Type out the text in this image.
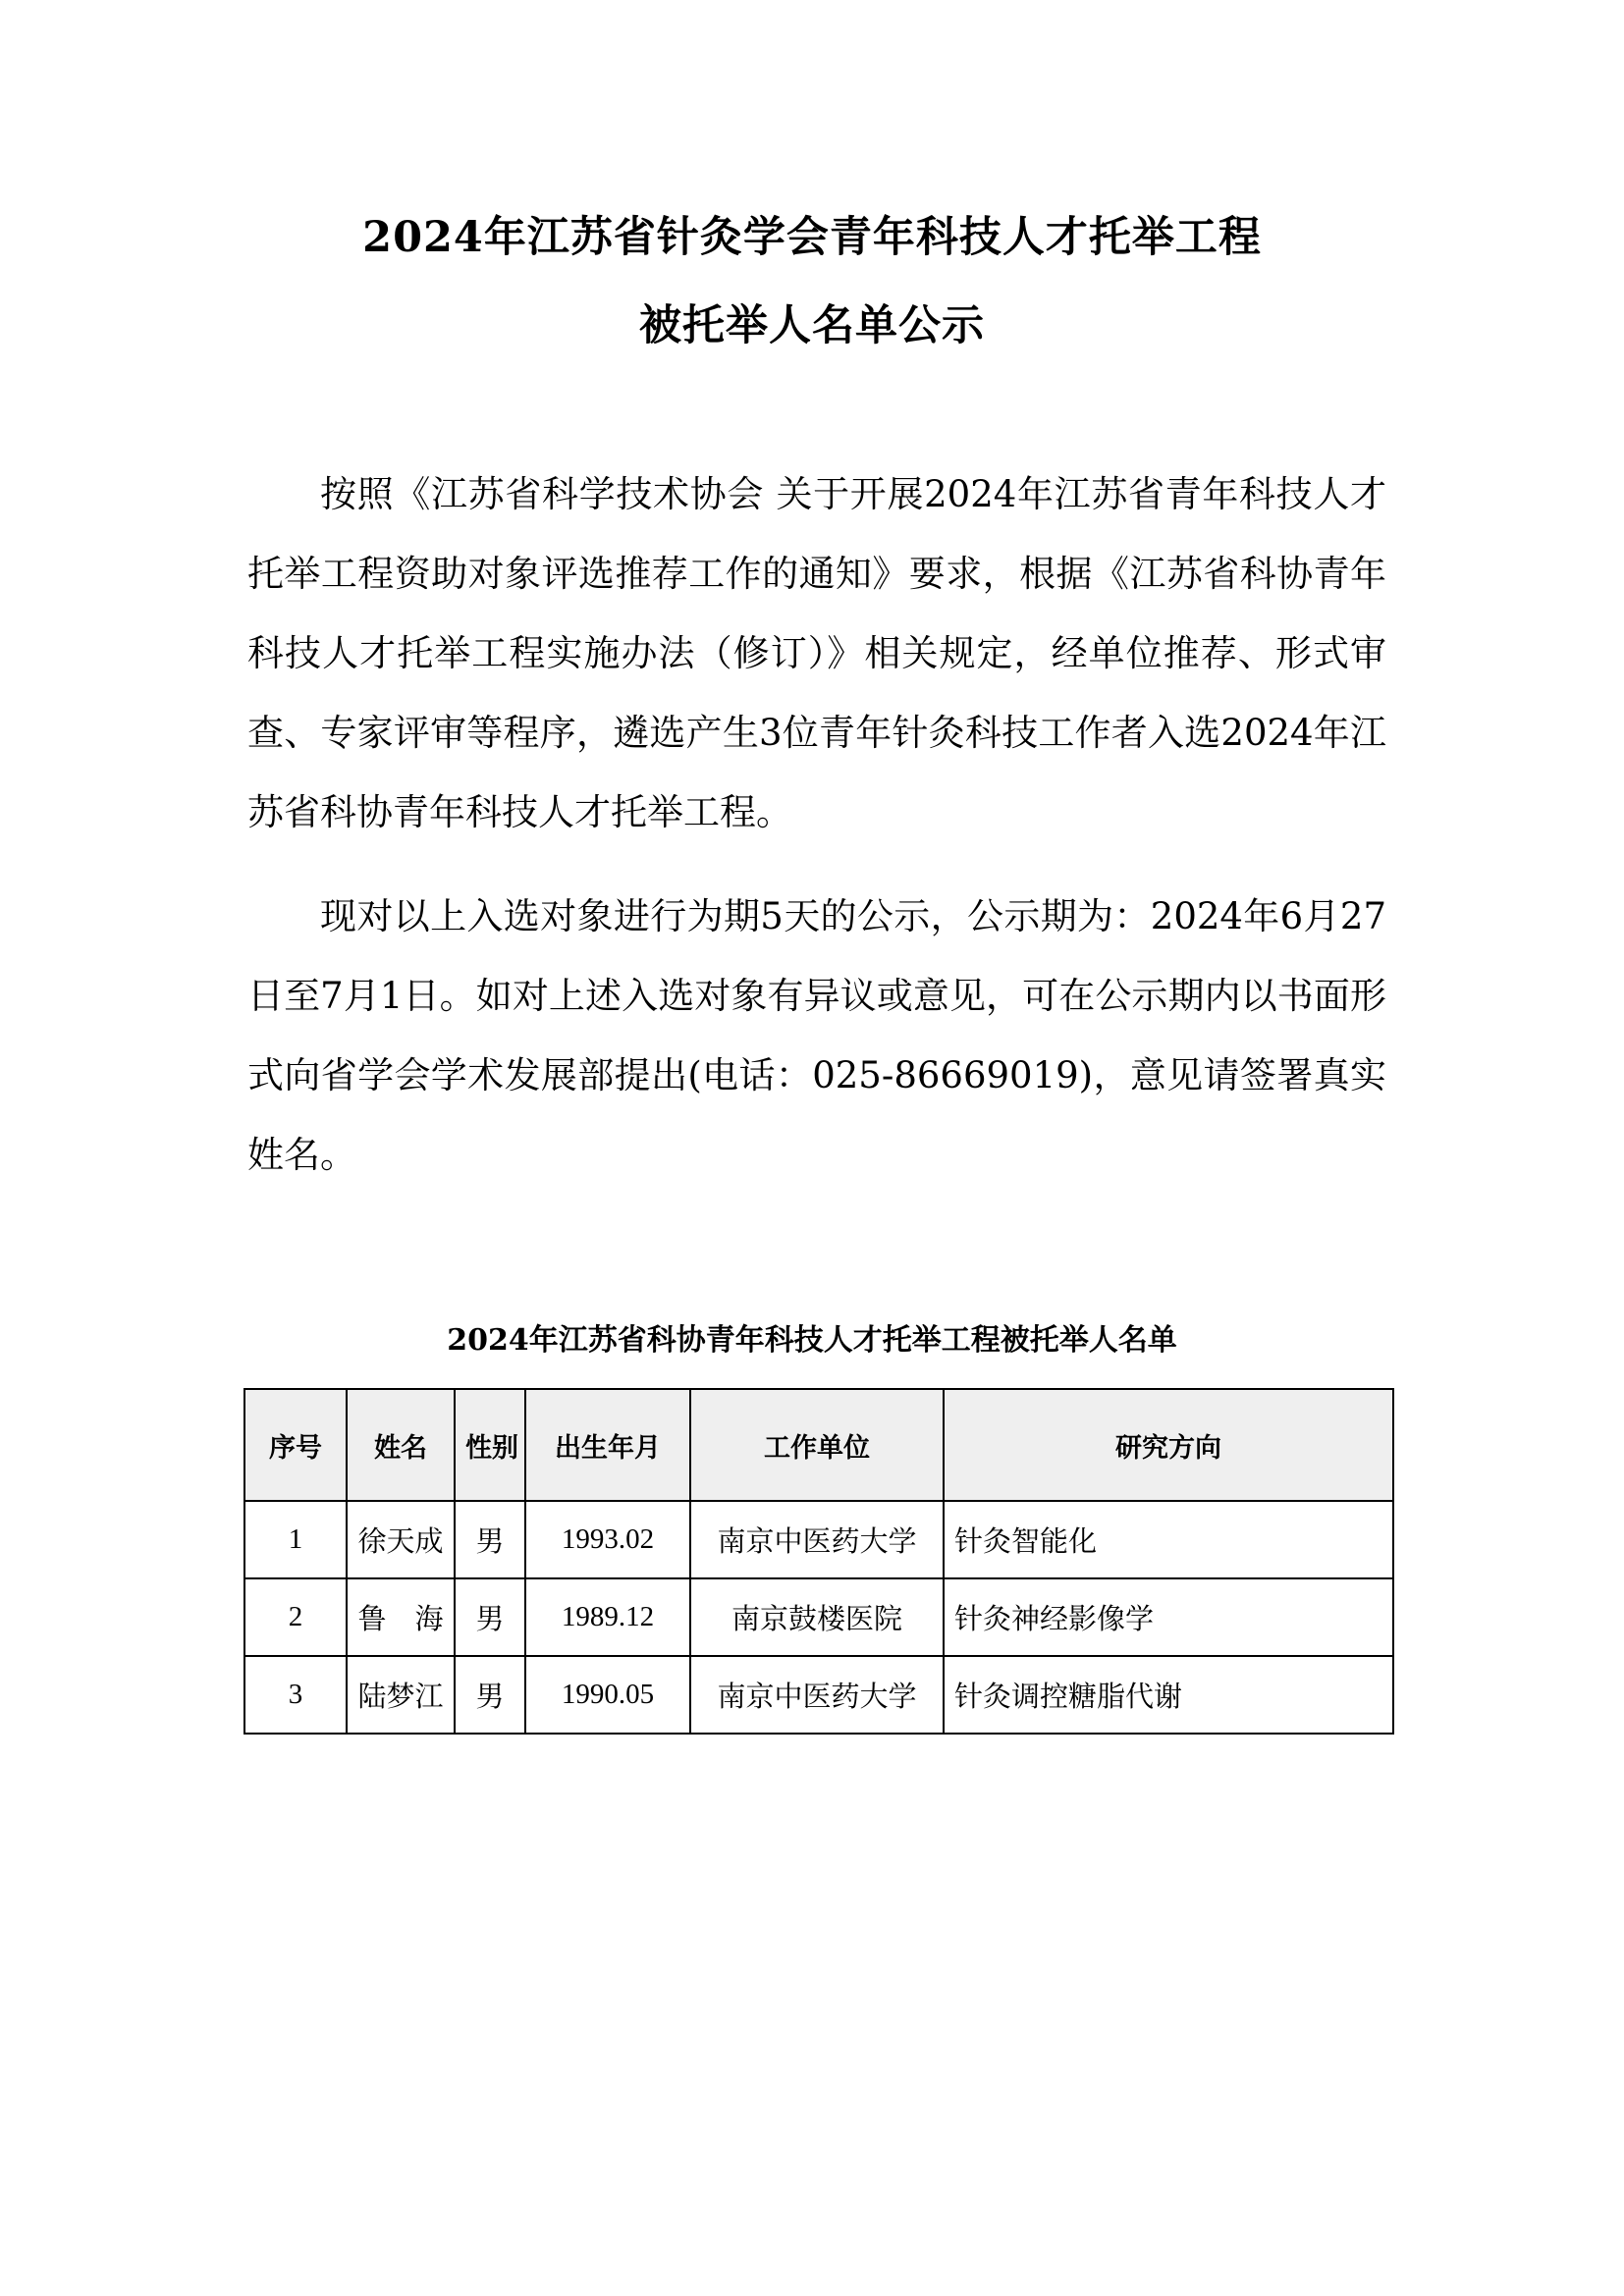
2024年江苏省针灸学会青年科技人才托举工程
被托举人名单公示

按照《江苏省科学技术协会 关于开展2024年江苏省青年科技人才托举工程资助对象评选推荐工作的通知》要求，根据《江苏省科协青年科技人才托举工程实施办法（修订）》相关规定，经单位推荐、形式审查、专家评审等程序，遴选产生3位青年针灸科技工作者入选2024年江苏省科协青年科技人才托举工程。

现对以上入选对象进行为期5天的公示，公示期为：2024年6月27日至7月1日。如对上述入选对象有异议或意见，可在公示期内以书面形式向省学会学术发展部提出(电话：025-86669019)，意见请签署真实姓名。

2024年江苏省科协青年科技人才托举工程被托举人名单
序号	姓名	性别	出生年月	工作单位	研究方向
1	徐天成	男	1993.02	南京中医药大学	针灸智能化
2	鲁　海	男	1989.12	南京鼓楼医院	针灸神经影像学
3	陆梦江	男	1990.05	南京中医药大学	针灸调控糖脂代谢
